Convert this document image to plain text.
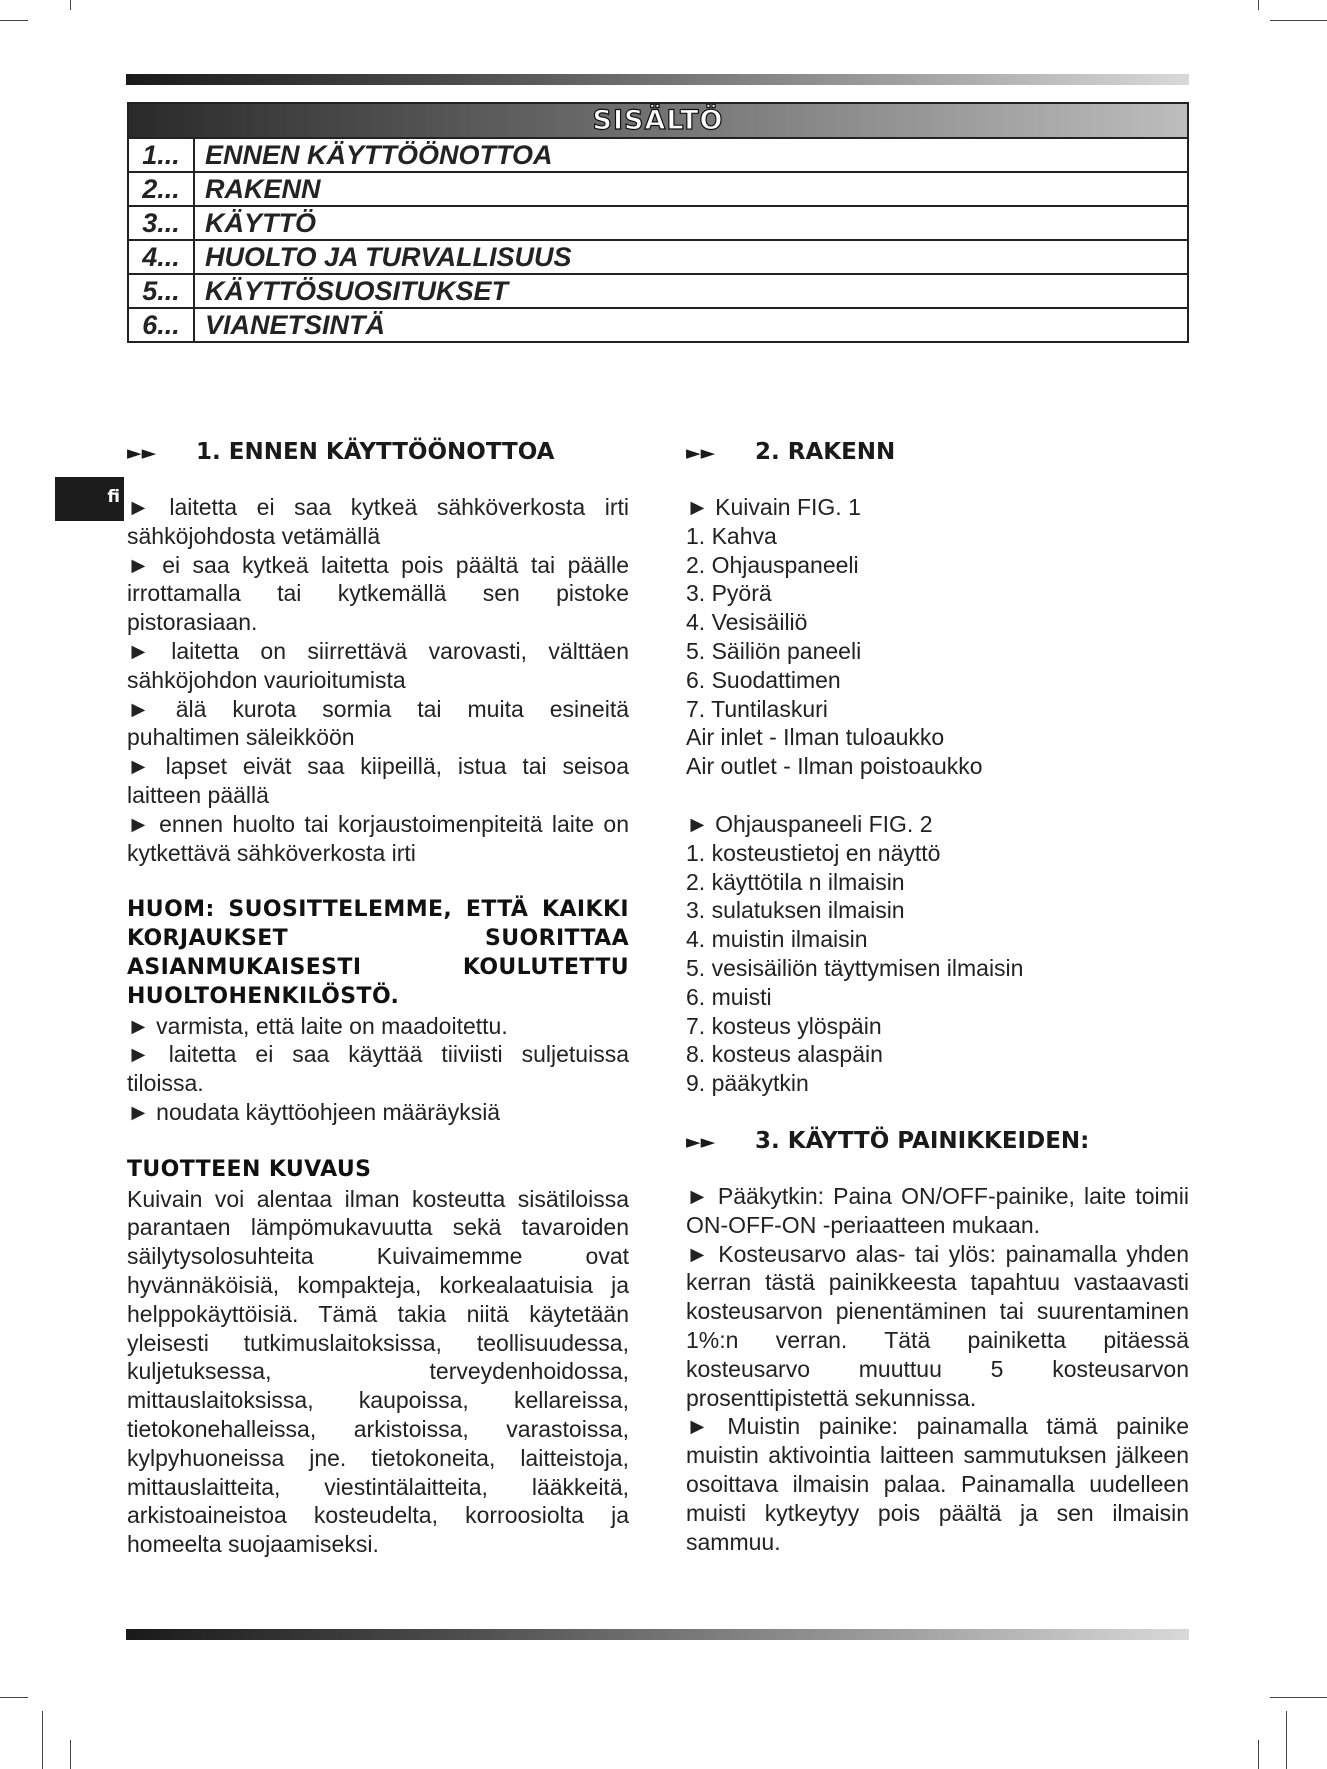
SISÄLTÖ	
1...	ENNEN KÄYTTÖÖNOTTOA
2...	RAKENN
3...	KÄYTTÖ
4...	HUOLTO JA TURVALLISUUS
5...	KÄYTTÖSUOSITUKSET
6...	VIANETSINTÄ
fi
►► 1. ENNEN KÄYTTÖÖNOTTOA

► laitetta ei saa kytkeä sähköverkosta irti sähköjohdosta vetämällä

► ei saa kytkeä laitetta pois päältä tai päälle irrottamalla tai kytkemällä sen pistoke pistorasiaan.

► laitetta on siirrettävä varovasti, välttäen sähköjohdon vaurioitumista

► älä kurota sormia tai muita esineitä puhaltimen säleikköön

► lapset eivät saa kiipeillä, istua tai seisoa laitteen päällä

► ennen huolto tai korjaustoimenpiteitä laite on kytkettävä sähköverkosta irti

HUOM: SUOSITTELEMME, ETTÄ KAIKKI KORJAUKSET SUORITTAA ASIANMUKAISESTI KOULUTETTU HUOLTOHENKILÖSTÖ.

► varmista, että laite on maadoitettu.

► laitetta ei saa käyttää tiiviisti suljetuissa tiloissa.

► noudata käyttöohjeen määräyksiä

TUOTTEEN KUVAUS

Kuivain voi alentaa ilman kosteutta sisätiloissa parantaen lämpömukavuutta sekä tavaroiden säilytysolosuhteita Kuivaimemme ovat hyvännäköisiä, kompakteja, korkealaatuisia ja helppokäyttöisiä. Tämä takia niitä käytetään yleisesti tutkimuslaitoksissa, teollisuudessa, kuljetuksessa, terveydenhoidossa, mittauslaitoksissa, kaupoissa, kellareissa, tietokonehalleissa, arkistoissa, varastoissa, kylpyhuoneissa jne. tietokoneita, laitteistoja, mittauslaitteita, viestintälaitteita, lääkkeitä, arkistoaineistoa kosteudelta, korroosiolta ja homeelta suojaamiseksi.

►► 2. RAKENN
► Kuivain FIG. 1
1. Kahva
2. Ohjauspaneeli
3. Pyörä
4. Vesisäiliö
5. Säiliön paneeli
6. Suodattimen
7. Tuntilaskuri
Air inlet - Ilman tuloaukko
Air outlet - Ilman poistoaukko
► Ohjauspaneeli FIG. 2
1. kosteustietoj en näyttö
2. käyttötila n ilmaisin
3. sulatuksen ilmaisin
4. muistin ilmaisin
5. vesisäiliön täyttymisen ilmaisin
6. muisti
7. kosteus ylöspäin
8. kosteus alaspäin
9. pääkytkin
►► 3. KÄYTTÖ PAINIKKEIDEN:

► Pääkytkin: Paina ON/OFF-painike, laite toimii ON-OFF-ON -periaatteen mukaan.

► Kosteusarvo alas- tai ylös: painamalla yhden kerran tästä painikkeesta tapahtuu vastaavasti kosteusarvon pienentäminen tai suurentaminen 1%:n verran. Tätä painiketta pitäessä kosteusarvo muuttuu 5 kosteusarvon prosenttipistettä sekunnissa.

► Muistin painike: painamalla tämä painike muistin aktivointia laitteen sammutuksen jälkeen osoittava ilmaisin palaa. Painamalla uudelleen muisti kytkeytyy pois päältä ja sen ilmaisin sammuu.
